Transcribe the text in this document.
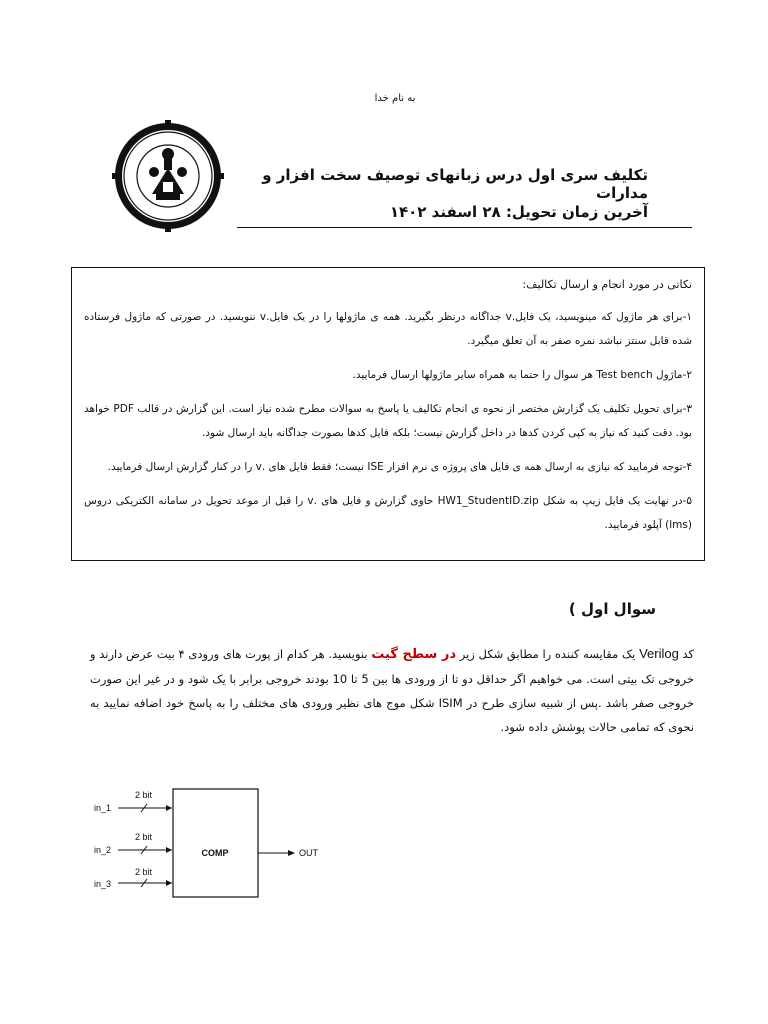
به نام خدا
تکلیف سری اول درس زبانهای توصیف سخت افزار و مدارات
آخرین زمان تحویل: ۲۸ اسفند ۱۴۰۲
نکاتی در مورد انجام و ارسال تکالیف:
۱-برای هر ماژول که مینویسید، یک فایل.v جداگانه درنظر بگیرید. همه ی ماژولها را در یک فایل.v ننویسید. در صورتی که ماژول فرستاده شده قابل سنتز نباشد نمره صفر به آن تعلق میگیرد.
۲-ماژول Test bench هر سوال را حتما به همراه سایر ماژولها ارسال فرمایید.
۳-برای تحویل تکلیف یک گزارش مختصر از نحوه ی انجام تکالیف یا پاسخ به سوالات مطرح شده نیاز است. این گزارش در قالب PDF خواهد بود. دقت کنید که نیاز به کپی کردن کدها در داخل گزارش نیست؛ بلکه فایل کدها بصورت جداگانه باید ارسال شود.
۴-توجه فرمایید که نیازی به ارسال همه ی فایل های پروژه ی نرم افزار ISE نیست؛ فقط فایل های .v را در کنار گزارش ارسال فرمایید.
۵-در نهایت یک فایل زیپ به شکل HW1_StudentID.zip حاوی گزارش و فایل های .v را قبل از موعد تحویل در سامانه الکتریکی دروس (lms) آپلود فرمایید.
سوال اول )
کد Verilog یک مقایسه کننده را مطابق شکل زیر در سطح گیت بنویسید. هر کدام از پورت های ورودی ۴ بیت عرض دارند و خروجی تک بیتی است. می خواهیم اگر حداقل دو تا از ورودی ها بین 5 تا 10 بودند خروجی برابر با یک شود و در غیر این صورت خروجی صفر باشد .پس از شبیه سازی طرح در ISIM شکل موج های نظیر ورودی های مختلف را به پاسخ خود اضافه نمایید به نحوی که تمامی حالات پوشش داده شود.
COMP
2 bit
in_1
2 bit
in_2
2 bit
in_3
OUT
